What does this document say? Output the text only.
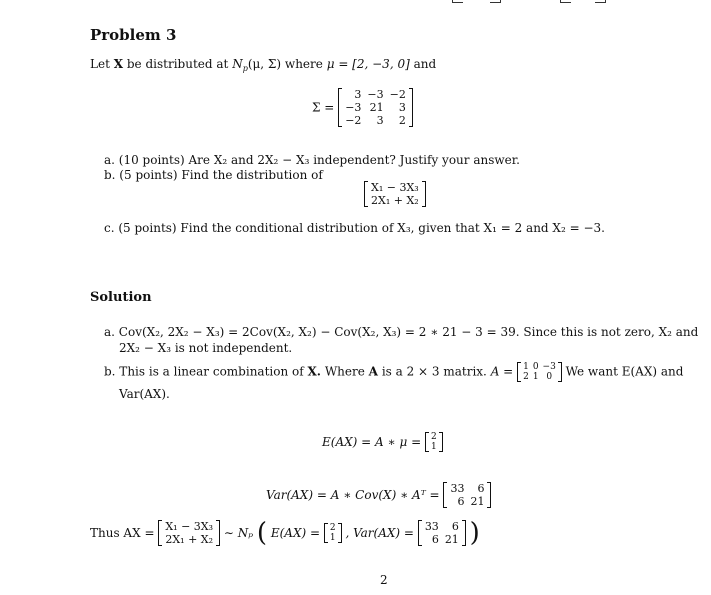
Problem 3
Let X be distributed at $N_p(\mu$, Σ) where μ = [2, −3, 0] and
Σ =
3	−3	−2
−3	21	3
−2	3	2
a. (10 points) Are X₂ and 2X₂ − X₃ independent? Justify your answer.
b. (5 points) Find the distribution of
X₁ − 3X₃
2X₁ + X₂
c. (5 points) Find the conditional distribution of X₃, given that X₁ = 2 and X₂ = −3.
Solution
a. Cov(X₂, 2X₂ − X₃) = 2Cov(X₂, X₂) − Cov(X₂, X₃) = 2 ∗ 21 − 3 = 39. Since this is not zero, X₂ and
2X₂ − X₃ is not independent.
b. This is a linear combination of X. Where A is a 2 × 3 matrix. A = 1	0	−3
2	1	0 We want E(AX) and
Var(AX).
E(AX) = A ∗ μ = 2
1
Var(AX) = A ∗ Cov(X) ∗ Aᵀ = 33	6
6	21
Thus AX = X₁ − 3X₃
2X₁ + X₂ ∼ Nₚ ( E(AX) = 2
1 , Var(AX) = 33	6
6	21 )
2
